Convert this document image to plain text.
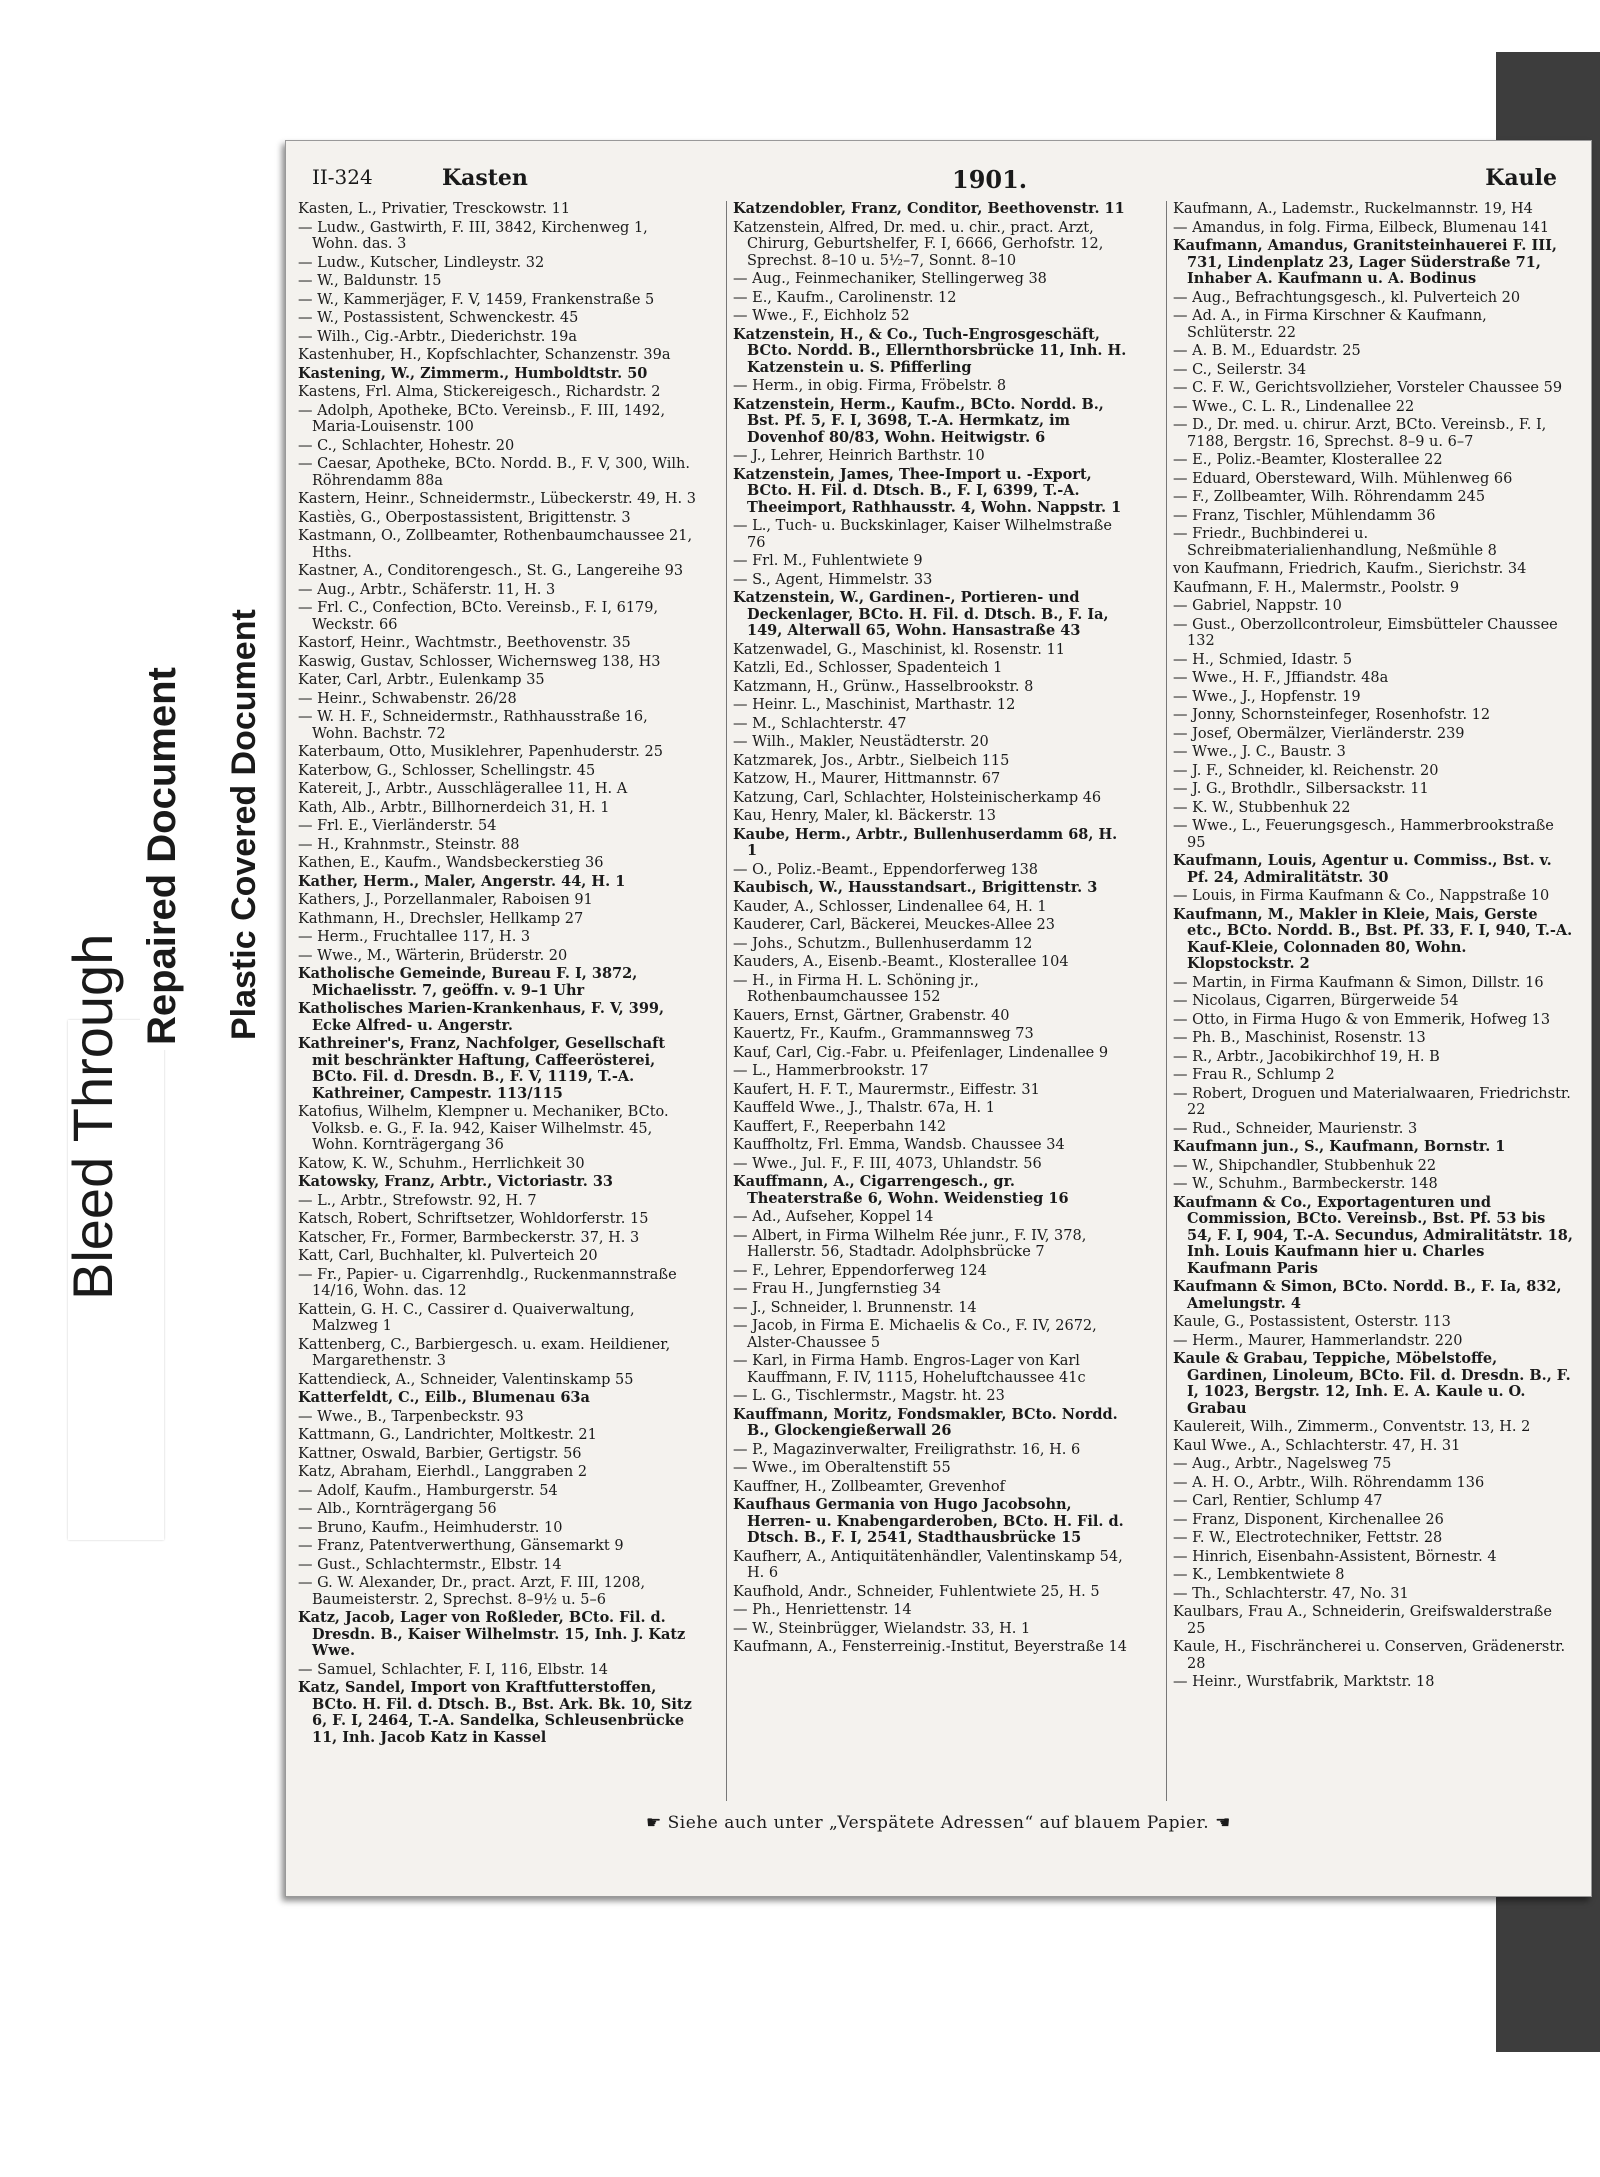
Bleed Through
Repaired Document Plastic Covered Document
II-324	Kasten	1901.	Kaule

Kasten, L., Privatier, Tresckowstr. 11

— Ludw., Gastwirth, F. III, 3842, Kirchenweg 1, Wohn. das. 3

— Ludw., Kutscher, Lindleystr. 32

— W., Baldunstr. 15

— W., Kammerjäger, F. V, 1459, Frankenstraße 5

— W., Postassistent, Schwenckestr. 45

— Wilh., Cig.-Arbtr., Diederichstr. 19a

Kastenhuber, H., Kopfschlachter, Schanzenstr. 39a

Kastening, W., Zimmerm., Humboldtstr. 50

Kastens, Frl. Alma, Stickereigesch., Richardstr. 2

— Adolph, Apotheke, BCto. Vereinsb., F. III, 1492, Maria-Louisenstr. 100

— C., Schlachter, Hohestr. 20

— Caesar, Apotheke, BCto. Nordd. B., F. V, 300, Wilh. Röhrendamm 88a

Kastern, Heinr., Schneidermstr., Lübeckerstr. 49, H. 3

Kastiès, G., Oberpostassistent, Brigittenstr. 3

Kastmann, O., Zollbeamter, Rothenbaumchaussee 21, Hths.

Kastner, A., Conditorengesch., St. G., Langereihe 93

— Aug., Arbtr., Schäferstr. 11, H. 3

— Frl. C., Confection, BCto. Vereinsb., F. I, 6179, Weckstr. 66

Kastorf, Heinr., Wachtmstr., Beethovenstr. 35

Kaswig, Gustav, Schlosser, Wichernsweg 138, H3

Kater, Carl, Arbtr., Eulenkamp 35

— Heinr., Schwabenstr. 26/28

— W. H. F., Schneidermstr., Rathhausstraße 16, Wohn. Bachstr. 72

Katerbaum, Otto, Musiklehrer, Papenhuderstr. 25

Katerbow, G., Schlosser, Schellingstr. 45

Katereit, J., Arbtr., Ausschlägerallee 11, H. A

Kath, Alb., Arbtr., Billhornerdeich 31, H. 1

— Frl. E., Vierländerstr. 54

— H., Krahnmstr., Steinstr. 88

Kathen, E., Kaufm., Wandsbeckerstieg 36

Kather, Herm., Maler, Angerstr. 44, H. 1

Kathers, J., Porzellanmaler, Raboisen 91

Kathmann, H., Drechsler, Hellkamp 27

— Herm., Fruchtallee 117, H. 3

— Wwe., M., Wärterin, Brüderstr. 20

Katholische Gemeinde, Bureau F. I, 3872, Michaelisstr. 7, geöffn. v. 9–1 Uhr

Katholisches Marien-Krankenhaus, F. V, 399, Ecke Alfred- u. Angerstr.

Kathreiner's, Franz, Nachfolger, Gesellschaft mit beschränkter Haftung, Caffeerösterei, BCto. Fil. d. Dresdn. B., F. V, 1119, T.-A. Kathreiner, Campestr. 113/115

Katofius, Wilhelm, Klempner u. Mechaniker, BCto. Volksb. e. G., F. Ia. 942, Kaiser Wilhelmstr. 45, Wohn. Kornträgergang 36

Katow, K. W., Schuhm., Herrlichkeit 30

Katowsky, Franz, Arbtr., Victoriastr. 33

— L., Arbtr., Strefowstr. 92, H. 7

Katsch, Robert, Schriftsetzer, Wohldorferstr. 15

Katscher, Fr., Former, Barmbeckerstr. 37, H. 3

Katt, Carl, Buchhalter, kl. Pulverteich 20

— Fr., Papier- u. Cigarrenhdlg., Ruckenmannstraße 14/16, Wohn. das. 12

Kattein, G. H. C., Cassirer d. Quaiverwaltung, Malzweg 1

Kattenberg, C., Barbiergesch. u. exam. Heildiener, Margarethenstr. 3

Kattendieck, A., Schneider, Valentinskamp 55

Katterfeldt, C., Eilb., Blumenau 63a

— Wwe., B., Tarpenbeckstr. 93

Kattmann, G., Landrichter, Moltkestr. 21

Kattner, Oswald, Barbier, Gertigstr. 56

Katz, Abraham, Eierhdl., Langgraben 2

— Adolf, Kaufm., Hamburgerstr. 54

— Alb., Kornträgergang 56

— Bruno, Kaufm., Heimhuderstr. 10

— Franz, Patentverwerthung, Gänsemarkt 9

— Gust., Schlachtermstr., Elbstr. 14

— G. W. Alexander, Dr., pract. Arzt, F. III, 1208, Baumeisterstr. 2, Sprechst. 8–9½ u. 5–6

Katz, Jacob, Lager von Roßleder, BCto. Fil. d. Dresdn. B., Kaiser Wilhelmstr. 15, Inh. J. Katz Wwe.

— Samuel, Schlachter, F. I, 116, Elbstr. 14

Katz, Sandel, Import von Kraftfutterstoffen, BCto. H. Fil. d. Dtsch. B., Bst. Ark. Bk. 10, Sitz 6, F. I, 2464, T.-A. Sandelka, Schleusenbrücke 11, Inh. Jacob Katz in Kassel

Katzendobler, Franz, Conditor, Beethovenstr. 11

Katzenstein, Alfred, Dr. med. u. chir., pract. Arzt, Chirurg, Geburtshelfer, F. I, 6666, Gerhofstr. 12, Sprechst. 8–10 u. 5½–7, Sonnt. 8–10

— Aug., Feinmechaniker, Stellingerweg 38

— E., Kaufm., Carolinenstr. 12

— Wwe., F., Eichholz 52

Katzenstein, H., & Co., Tuch-Engrosgeschäft, BCto. Nordd. B., Ellernthorsbrücke 11, Inh. H. Katzenstein u. S. Pfifferling

— Herm., in obig. Firma, Fröbelstr. 8

Katzenstein, Herm., Kaufm., BCto. Nordd. B., Bst. Pf. 5, F. I, 3698, T.-A. Hermkatz, im Dovenhof 80/83, Wohn. Heitwigstr. 6

— J., Lehrer, Heinrich Barthstr. 10

Katzenstein, James, Thee-Import u. -Export, BCto. H. Fil. d. Dtsch. B., F. I, 6399, T.-A. Theeimport, Rathhausstr. 4, Wohn. Nappstr. 1

— L., Tuch- u. Buckskinlager, Kaiser Wilhelmstraße 76

— Frl. M., Fuhlentwiete 9

— S., Agent, Himmelstr. 33

Katzenstein, W., Gardinen-, Portieren- und Deckenlager, BCto. H. Fil. d. Dtsch. B., F. Ia, 149, Alterwall 65, Wohn. Hansastraße 43

Katzenwadel, G., Maschinist, kl. Rosenstr. 11

Katzli, Ed., Schlosser, Spadenteich 1

Katzmann, H., Grünw., Hasselbrookstr. 8

— Heinr. L., Maschinist, Marthastr. 12

— M., Schlachterstr. 47

— Wilh., Makler, Neustädterstr. 20

Katzmarek, Jos., Arbtr., Sielbeich 115

Katzow, H., Maurer, Hittmannstr. 67

Katzung, Carl, Schlachter, Holsteinischerkamp 46

Kau, Henry, Maler, kl. Bäckerstr. 13

Kaube, Herm., Arbtr., Bullenhuserdamm 68, H. 1

— O., Poliz.-Beamt., Eppendorferweg 138

Kaubisch, W., Hausstandsart., Brigittenstr. 3

Kauder, A., Schlosser, Lindenallee 64, H. 1

Kauderer, Carl, Bäckerei, Meuckes-Allee 23

— Johs., Schutzm., Bullenhuserdamm 12

Kauders, A., Eisenb.-Beamt., Klosterallee 104

— H., in Firma H. L. Schöning jr., Rothenbaumchaussee 152

Kauers, Ernst, Gärtner, Grabenstr. 40

Kauertz, Fr., Kaufm., Grammannsweg 73

Kauf, Carl, Cig.-Fabr. u. Pfeifenlager, Lindenallee 9

— L., Hammerbrookstr. 17

Kaufert, H. F. T., Maurermstr., Eiffestr. 31

Kauffeld Wwe., J., Thalstr. 67a, H. 1

Kauffert, F., Reeperbahn 142

Kauffholtz, Frl. Emma, Wandsb. Chaussee 34

— Wwe., Jul. F., F. III, 4073, Uhlandstr. 56

Kauffmann, A., Cigarrengesch., gr. Theaterstraße 6, Wohn. Weidenstieg 16

— Ad., Aufseher, Koppel 14

— Albert, in Firma Wilhelm Rée junr., F. IV, 378, Hallerstr. 56, Stadtadr. Adolphsbrücke 7

— F., Lehrer, Eppendorferweg 124

— Frau H., Jungfernstieg 34

— J., Schneider, l. Brunnenstr. 14

— Jacob, in Firma E. Michaelis & Co., F. IV, 2672, Alster-Chaussee 5

— Karl, in Firma Hamb. Engros-Lager von Karl Kauffmann, F. IV, 1115, Hoheluftchaussee 41c

— L. G., Tischlermstr., Magstr. ht. 23

Kauffmann, Moritz, Fondsmakler, BCto. Nordd. B., Glockengießerwall 26

— P., Magazinverwalter, Freiligrathstr. 16, H. 6

— Wwe., im Oberaltenstift 55

Kauffner, H., Zollbeamter, Grevenhof

Kaufhaus Germania von Hugo Jacobsohn, Herren- u. Knabengarderoben, BCto. H. Fil. d. Dtsch. B., F. I, 2541, Stadthausbrücke 15

Kaufherr, A., Antiquitätenhändler, Valentinskamp 54, H. 6

Kaufhold, Andr., Schneider, Fuhlentwiete 25, H. 5

— Ph., Henriettenstr. 14

— W., Steinbrügger, Wielandstr. 33, H. 1

Kaufmann, A., Fensterreinig.-Institut, Beyerstraße 14

Kaufmann, A., Lademstr., Ruckelmannstr. 19, H4

— Amandus, in folg. Firma, Eilbeck, Blumenau 141

Kaufmann, Amandus, Granitsteinhauerei F. III, 731, Lindenplatz 23, Lager Süderstraße 71, Inhaber A. Kaufmann u. A. Bodinus

— Aug., Befrachtungsgesch., kl. Pulverteich 20

— Ad. A., in Firma Kirschner & Kaufmann, Schlüterstr. 22

— A. B. M., Eduardstr. 25

— C., Seilerstr. 34

— C. F. W., Gerichtsvollzieher, Vorsteler Chaussee 59

— Wwe., C. L. R., Lindenallee 22

— D., Dr. med. u. chirur. Arzt, BCto. Vereinsb., F. I, 7188, Bergstr. 16, Sprechst. 8–9 u. 6–7

— E., Poliz.-Beamter, Klosterallee 22

— Eduard, Obersteward, Wilh. Mühlenweg 66

— F., Zollbeamter, Wilh. Röhrendamm 245

— Franz, Tischler, Mühlendamm 36

— Friedr., Buchbinderei u. Schreibmaterialienhandlung, Neßmühle 8

von Kaufmann, Friedrich, Kaufm., Sierichstr. 34

Kaufmann, F. H., Malermstr., Poolstr. 9

— Gabriel, Nappstr. 10

— Gust., Oberzollcontroleur, Eimsbütteler Chaussee 132

— H., Schmied, Idastr. 5

— Wwe., H. F., Jffiandstr. 48a

— Wwe., J., Hopfenstr. 19

— Jonny, Schornsteinfeger, Rosenhofstr. 12

— Josef, Obermälzer, Vierländerstr. 239

— Wwe., J. C., Baustr. 3

— J. F., Schneider, kl. Reichenstr. 20

— J. G., Brothdlr., Silbersackstr. 11

— K. W., Stubbenhuk 22

— Wwe., L., Feuerungsgesch., Hammerbrookstraße 95

Kaufmann, Louis, Agentur u. Commiss., Bst. v. Pf. 24, Admiralitätstr. 30

— Louis, in Firma Kaufmann & Co., Nappstraße 10

Kaufmann, M., Makler in Kleie, Mais, Gerste etc., BCto. Nordd. B., Bst. Pf. 33, F. I, 940, T.-A. Kauf-Kleie, Colonnaden 80, Wohn. Klopstockstr. 2

— Martin, in Firma Kaufmann & Simon, Dillstr. 16

— Nicolaus, Cigarren, Bürgerweide 54

— Otto, in Firma Hugo & von Emmerik, Hofweg 13

— Ph. B., Maschinist, Rosenstr. 13

— R., Arbtr., Jacobikirchhof 19, H. B

— Frau R., Schlump 2

— Robert, Droguen und Materialwaaren, Friedrichstr. 22

— Rud., Schneider, Maurienstr. 3

Kaufmann jun., S., Kaufmann, Bornstr. 1

— W., Shipchandler, Stubbenhuk 22

— W., Schuhm., Barmbeckerstr. 148

Kaufmann & Co., Exportagenturen und Commission, BCto. Vereinsb., Bst. Pf. 53 bis 54, F. I, 904, T.-A. Secundus, Admiralitätstr. 18, Inh. Louis Kaufmann hier u. Charles Kaufmann Paris

Kaufmann & Simon, BCto. Nordd. B., F. Ia, 832, Amelungstr. 4

Kaule, G., Postassistent, Osterstr. 113

— Herm., Maurer, Hammerlandstr. 220

Kaule & Grabau, Teppiche, Möbelstoffe, Gardinen, Linoleum, BCto. Fil. d. Dresdn. B., F. I, 1023, Bergstr. 12, Inh. E. A. Kaule u. O. Grabau

Kaulereit, Wilh., Zimmerm., Conventstr. 13, H. 2

Kaul Wwe., A., Schlachterstr. 47, H. 31

— Aug., Arbtr., Nagelsweg 75

— A. H. O., Arbtr., Wilh. Röhrendamm 136

— Carl, Rentier, Schlump 47

— Franz, Disponent, Kirchenallee 26

— F. W., Electrotechniker, Fettstr. 28

— Hinrich, Eisenbahn-Assistent, Börnestr. 4

— K., Lembkentwiete 8

— Th., Schlachterstr. 47, No. 31

Kaulbars, Frau A., Schneiderin, Greifswalderstraße 25

Kaule, H., Fischräncherei u. Conserven, Grädenerstr. 28

— Heinr., Wurstfabrik, Marktstr. 18

☛ Siehe auch unter „Verspätete Adressen“ auf blauem Papier. ☚
